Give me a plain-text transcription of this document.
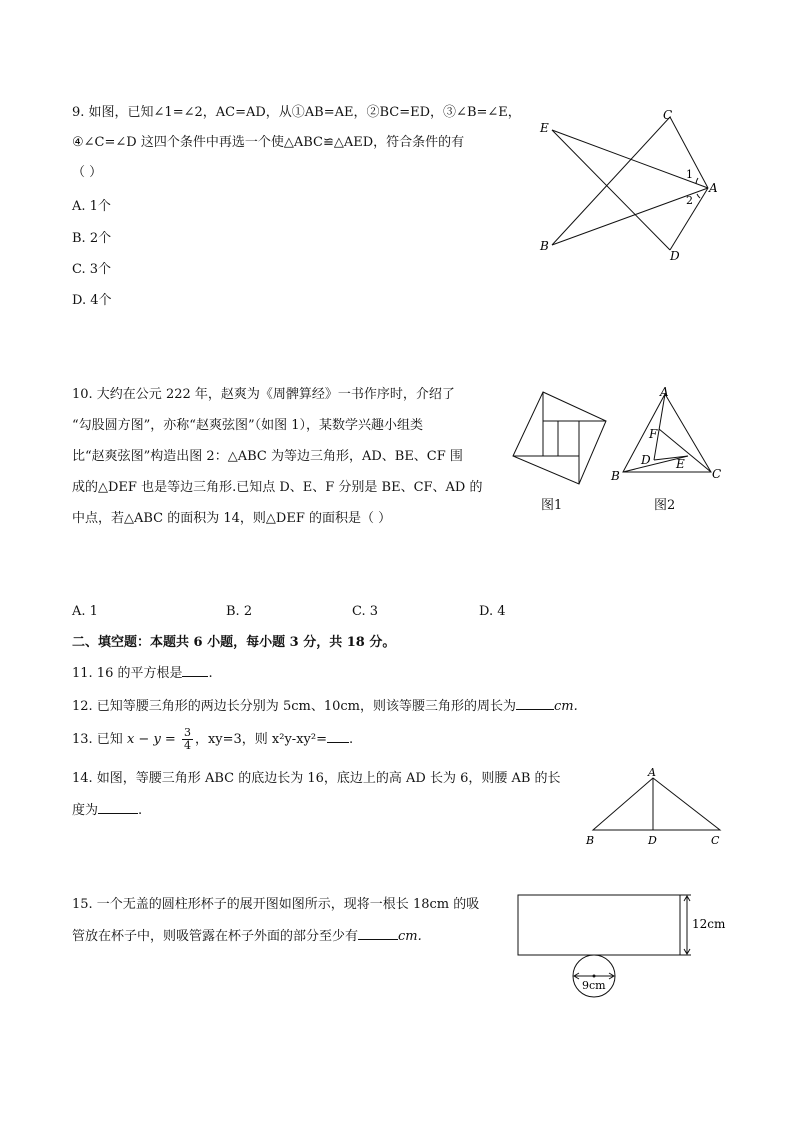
9. 如图，已知∠1=∠2，AC=AD，从①AB=AE，②BC=ED，③∠B=∠E，
④∠C=∠D 这四个条件中再选一个使△ABC≌△AED，符合条件的有
（ ）
A. 1个
B. 2个
C. 3个
D. 4个
C
E
A
B
D
1
2
10. 大约在公元 222 年，赵爽为《周髀算经》一书作序时，介绍了
“勾股圆方图”，亦称“赵爽弦图”（如图 1），某数学兴趣小组类
比“赵爽弦图”构造出图 2：△ABC 为等边三角形，AD、BE、CF 围
成的△DEF 也是等边三角形.已知点 D、E、F 分别是 BE、CF、AD 的
中点，若△ABC 的面积为 14，则△DEF 的面积是（ ）
A. 1	B. 2	C. 3	D. 4
图1
A
B	C
D E
F
图2
二、填空题：本题共 6 小题，每小题 3 分，共 18 分。
11. 16 的平方根是 .
12. 已知等腰三角形的两边长分别为 5cm、10cm，则该等腰三角形的周长为	cm.
13. 已知 $x - y = \frac{3}{4}$ ，xy=3，则 x²y-xy²= .
14. 如图，等腰三角形 ABC 的底边长为 16，底边上的高 AD 长为 6，则腰 AB 的长
度为	.
A
B	D	C
15. 一个无盖的圆柱形杯子的展开图如图所示，现将一根长 18cm 的吸
管放在杯子中，则吸管露在杯子外面的部分至少有	cm.
12cm
9cm
